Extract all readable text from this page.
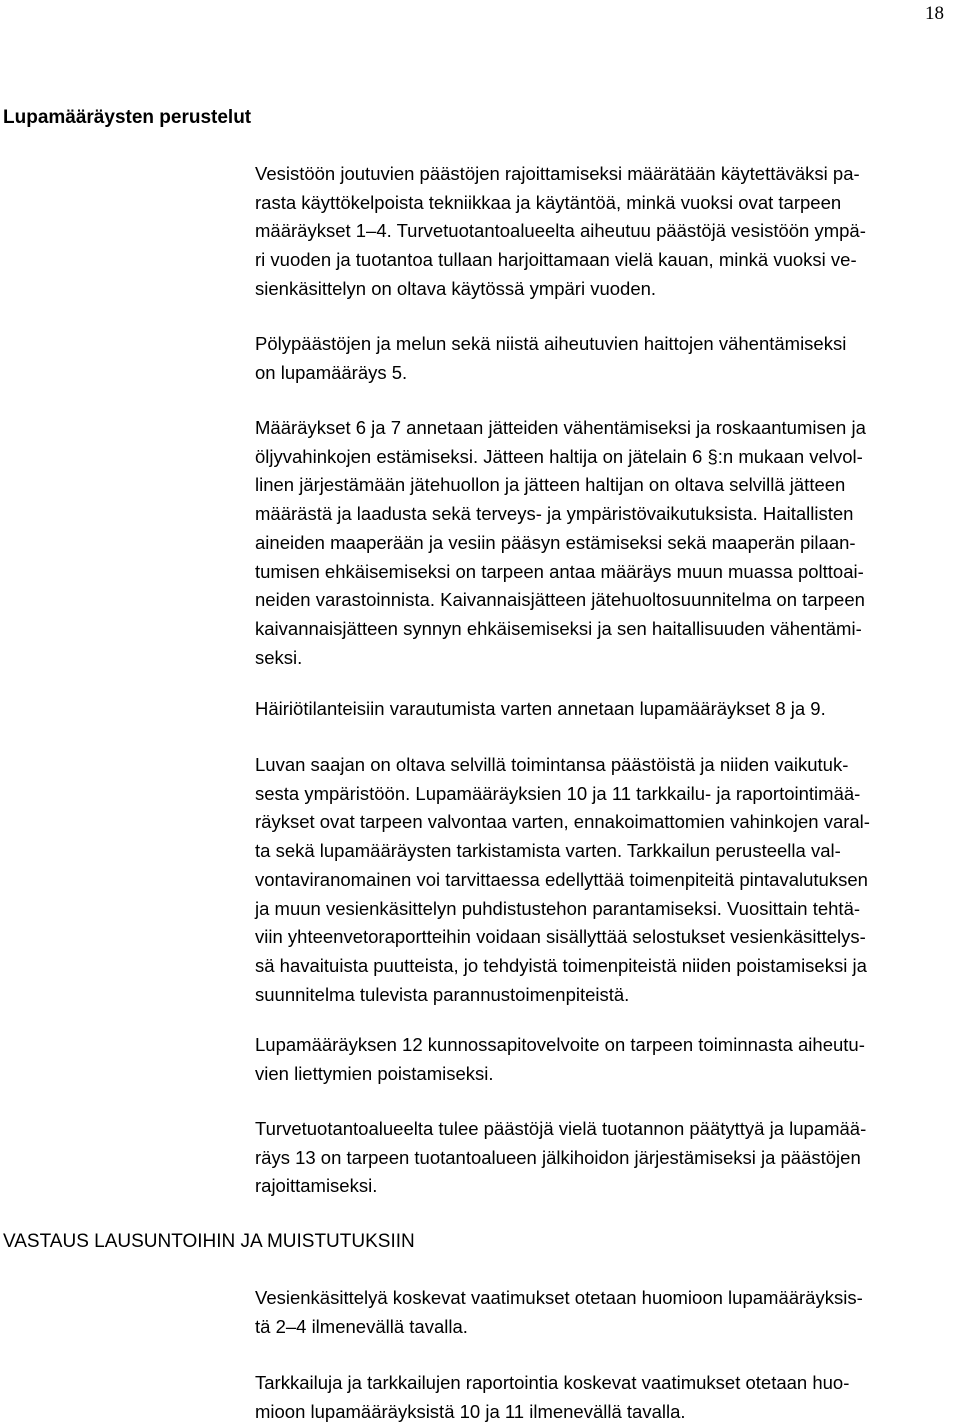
18
Lupamääräysten perustelut

Vesistöön joutuvien päästöjen rajoittamiseksi määrätään käytettäväksi pa-
rasta käyttökelpoista tekniikkaa ja käytäntöä, minkä vuoksi ovat tarpeen
määräykset 1–4. Turvetuotantoalueelta aiheutuu päästöjä vesistöön ympä-
ri vuoden ja tuotantoa tullaan harjoittamaan vielä kauan, minkä vuoksi ve-
sienkäsittelyn on oltava käytössä ympäri vuoden.

Pölypäästöjen ja melun sekä niistä aiheutuvien haittojen vähentämiseksi
on lupamääräys 5.

Määräykset 6 ja 7 annetaan jätteiden vähentämiseksi ja roskaantumisen ja
öljyvahinkojen estämiseksi. Jätteen haltija on jätelain 6 §:n mukaan velvol-
linen järjestämään jätehuollon ja jätteen haltijan on oltava selvillä jätteen
määrästä ja laadusta sekä terveys- ja ympäristövaikutuksista. Haitallisten
aineiden maaperään ja vesiin pääsyn estämiseksi sekä maaperän pilaan-
tumisen ehkäisemiseksi on tarpeen antaa määräys muun muassa polttoai-
neiden varastoinnista. Kaivannaisjätteen jätehuoltosuunnitelma on tarpeen
kaivannaisjätteen synnyn ehkäisemiseksi ja sen haitallisuuden vähentämi-
seksi.

Häiriötilanteisiin varautumista varten annetaan lupamääräykset 8 ja 9.

Luvan saajan on oltava selvillä toimintansa päästöistä ja niiden vaikutuk-
sesta ympäristöön. Lupamääräyksien 10 ja 11 tarkkailu- ja raportointimää-
räykset ovat tarpeen valvontaa varten, ennakoimattomien vahinkojen varal-
ta sekä lupamääräysten tarkistamista varten. Tarkkailun perusteella val-
vontaviranomainen voi tarvittaessa edellyttää toimenpiteitä pintavalutuksen
ja muun vesienkäsittelyn puhdistustehon parantamiseksi. Vuosittain tehtä-
viin yhteenvetoraportteihin voidaan sisällyttää selostukset vesienkäsittelys-
sä havaituista puutteista, jo tehdyistä toimenpiteistä niiden poistamiseksi ja
suunnitelma tulevista parannustoimenpiteistä.

Lupamääräyksen 12 kunnossapitovelvoite on tarpeen toiminnasta aiheutu-
vien liettymien poistamiseksi.

Turvetuotantoalueelta tulee päästöjä vielä tuotannon päätyttyä ja lupamää-
räys 13 on tarpeen tuotantoalueen jälkihoidon järjestämiseksi ja päästöjen
rajoittamiseksi.

VASTAUS LAUSUNTOIHIN JA MUISTUTUKSIIN

Vesienkäsittelyä koskevat vaatimukset otetaan huomioon lupamääräyksis-
tä 2–4 ilmenevällä tavalla.

Tarkkailuja ja tarkkailujen raportointia koskevat vaatimukset otetaan huo-
mioon lupamääräyksistä 10 ja 11 ilmenevällä tavalla.
